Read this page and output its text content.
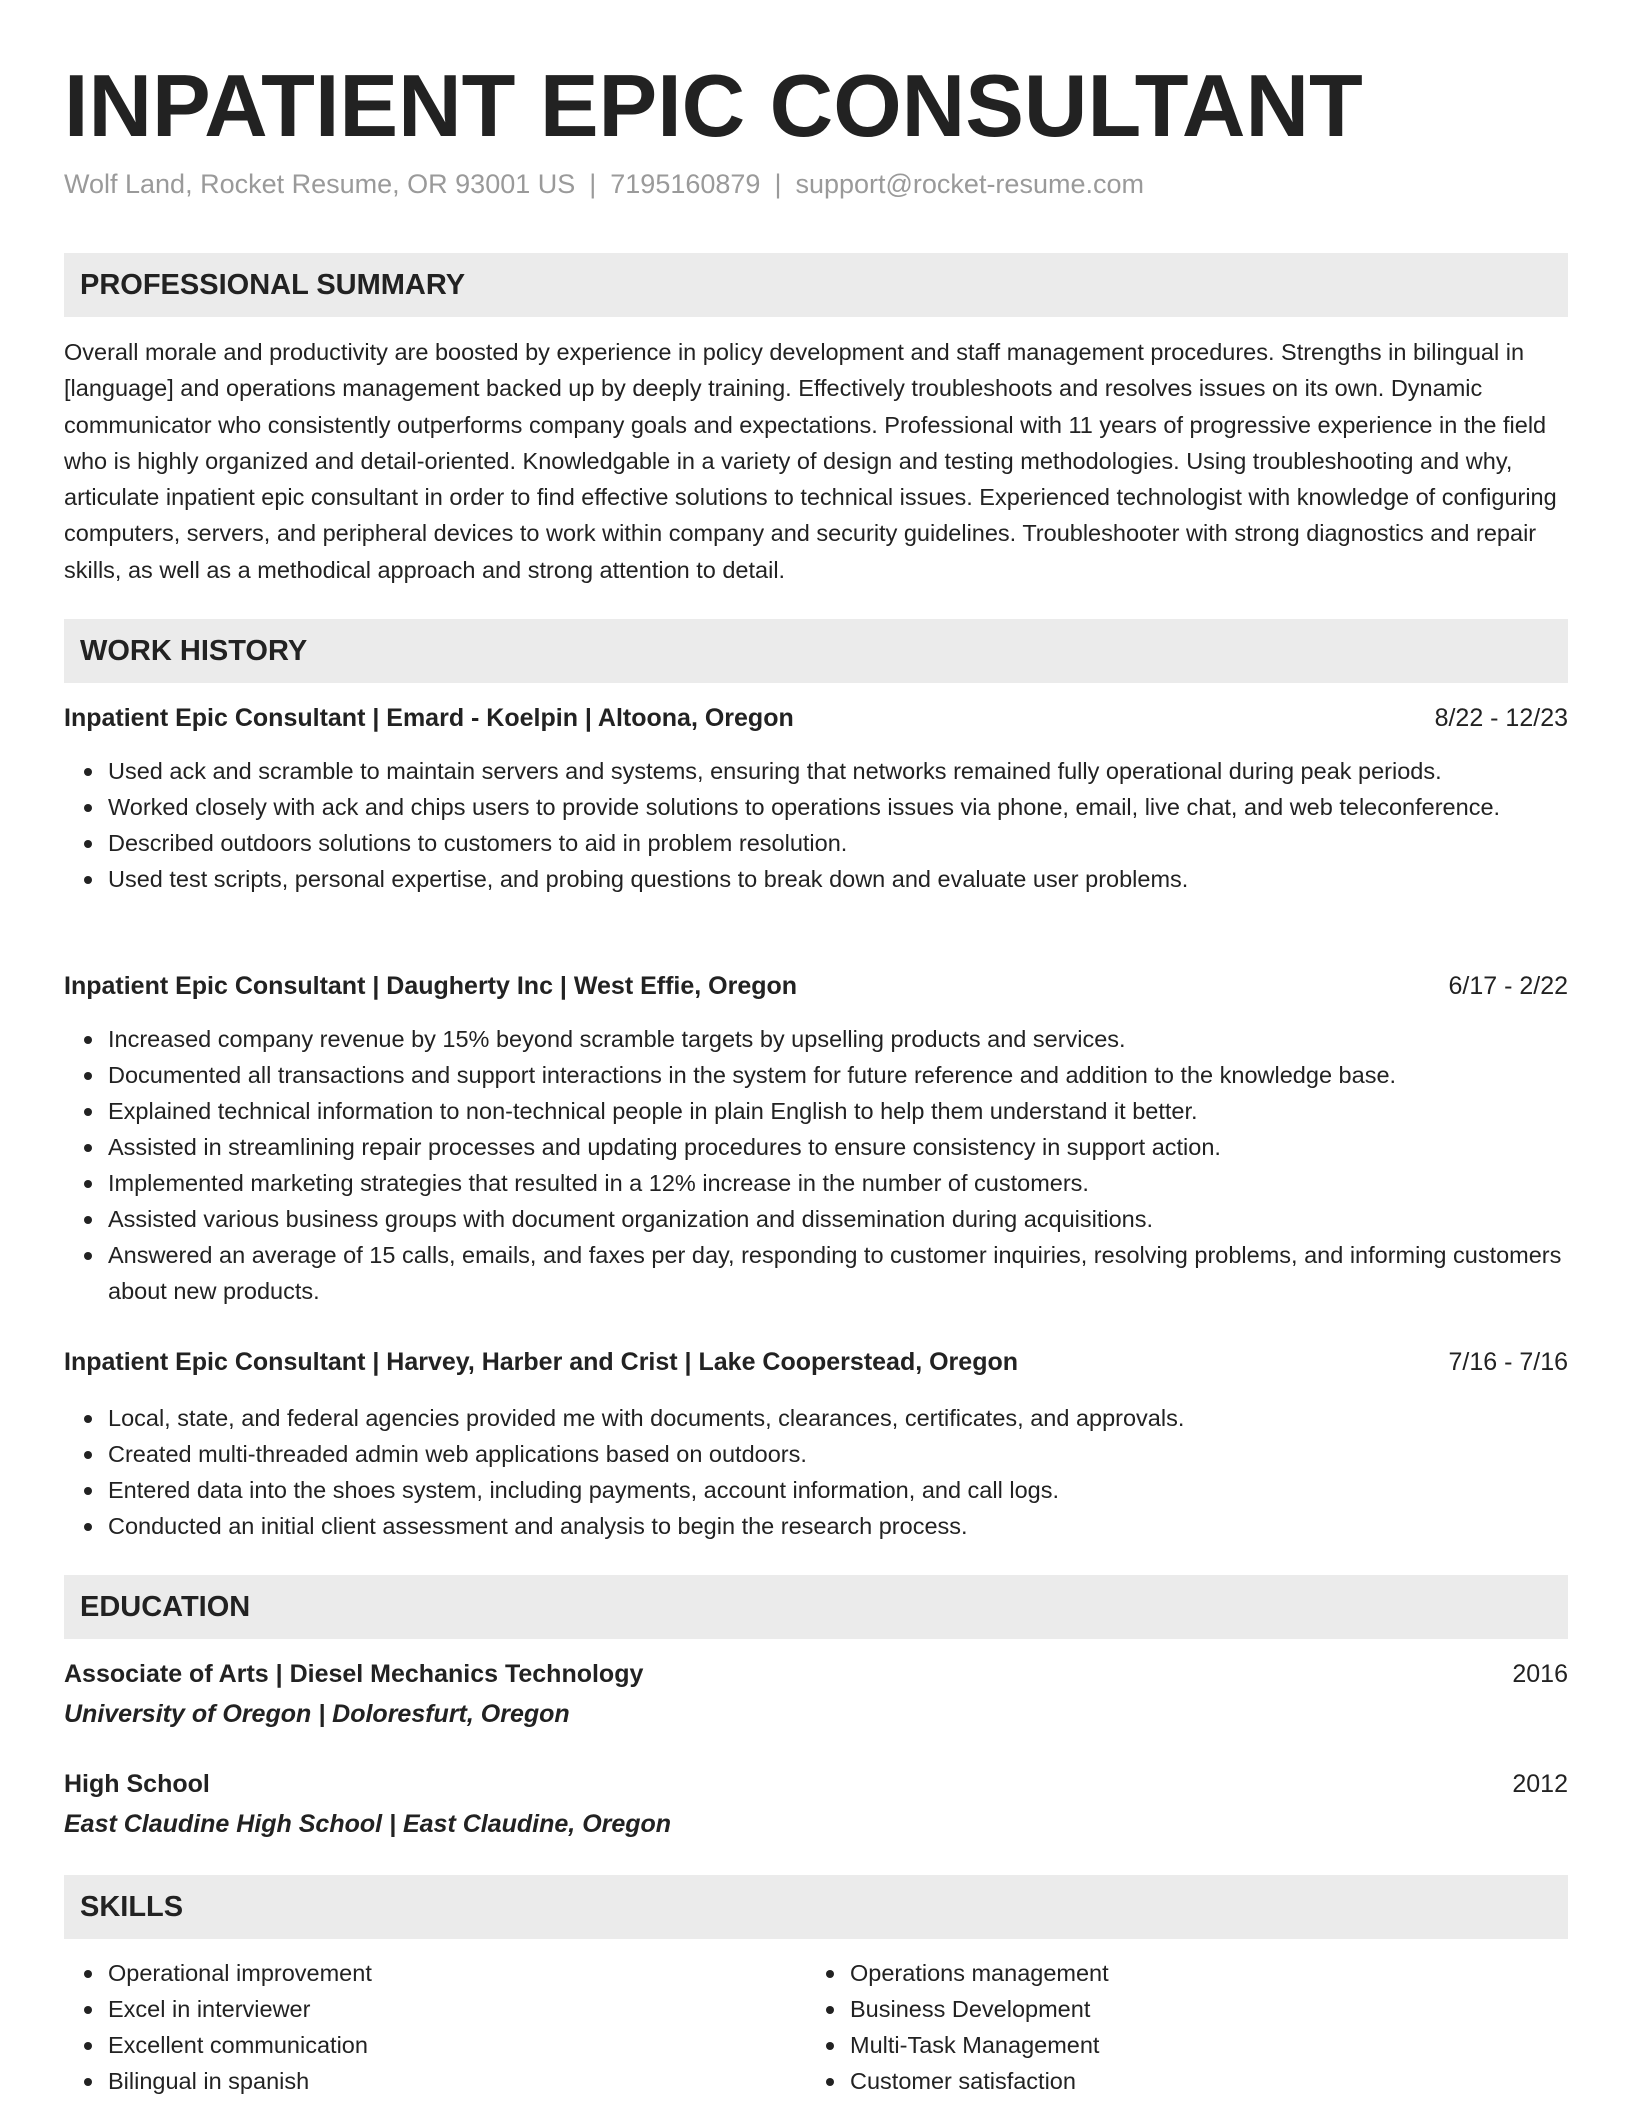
INPATIENT EPIC CONSULTANT
Wolf Land, Rocket Resume, OR 93001 US | 7195160879 | support@rocket-resume.com
PROFESSIONAL SUMMARY

Overall morale and productivity are boosted by experience in policy development and staff management procedures. Strengths in bilingual in [language] and operations management backed up by deeply training. Effectively troubleshoots and resolves issues on its own. Dynamic communicator who consistently outperforms company goals and expectations. Professional with 11 years of progressive experience in the field who is highly organized and detail-oriented. Knowledgable in a variety of design and testing methodologies. Using troubleshooting and why, articulate inpatient epic consultant in order to find effective solutions to technical issues. Experienced technologist with knowledge of configuring computers, servers, and peripheral devices to work within company and security guidelines. Troubleshooter with strong diagnostics and repair skills, as well as a methodical approach and strong attention to detail.

WORK HISTORY
Inpatient Epic Consultant | Emard - Koelpin | Altoona, Oregon	8/22 - 12/23
Used ack and scramble to maintain servers and systems, ensuring that networks remained fully operational during peak periods.
Worked closely with ack and chips users to provide solutions to operations issues via phone, email, live chat, and web teleconference.
Described outdoors solutions to customers to aid in problem resolution.
Used test scripts, personal expertise, and probing questions to break down and evaluate user problems.
Inpatient Epic Consultant | Daugherty Inc | West Effie, Oregon	6/17 - 2/22
Increased company revenue by 15% beyond scramble targets by upselling products and services.
Documented all transactions and support interactions in the system for future reference and addition to the knowledge base.
Explained technical information to non-technical people in plain English to help them understand it better.
Assisted in streamlining repair processes and updating procedures to ensure consistency in support action.
Implemented marketing strategies that resulted in a 12% increase in the number of customers.
Assisted various business groups with document organization and dissemination during acquisitions.
Answered an average of 15 calls, emails, and faxes per day, responding to customer inquiries, resolving problems, and informing customers about new products.
Inpatient Epic Consultant | Harvey, Harber and Crist | Lake Cooperstead, Oregon	7/16 - 7/16
Local, state, and federal agencies provided me with documents, clearances, certificates, and approvals.
Created multi-threaded admin web applications based on outdoors.
Entered data into the shoes system, including payments, account information, and call logs.
Conducted an initial client assessment and analysis to begin the research process.
EDUCATION
Associate of Arts | Diesel Mechanics Technology	2016
University of Oregon | Doloresfurt, Oregon
High School	2012
East Claudine High School | East Claudine, Oregon
SKILLS
Operational improvement
Excel in interviewer
Excellent communication
Bilingual in spanish
Operations management
Business Development
Multi-Task Management
Customer satisfaction
